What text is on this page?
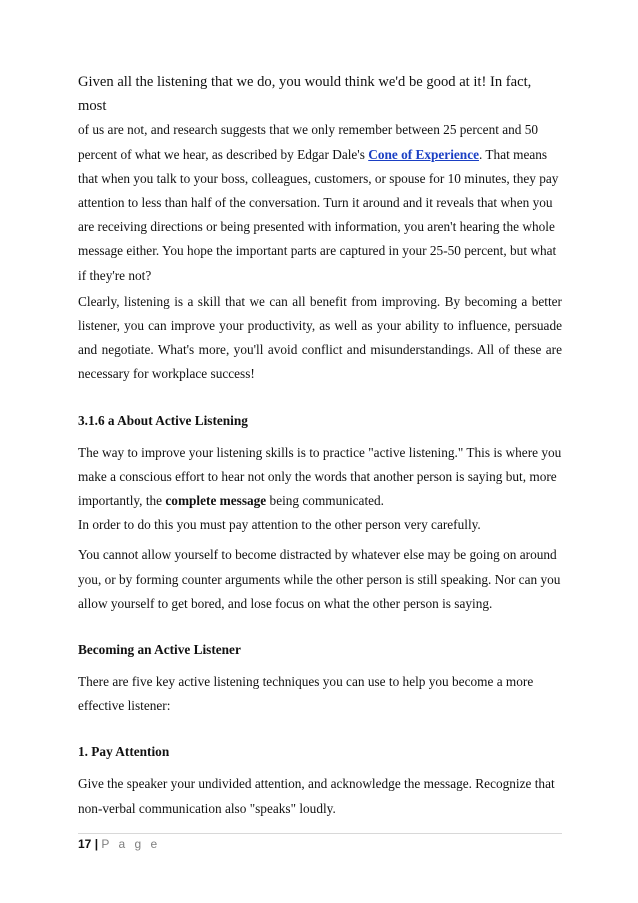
Given all the listening that we do, you would think we'd be good at it! In fact, most
of us are not, and research suggests that we only remember between 25 percent and 50 percent of what we hear, as described by Edgar Dale's Cone of Experience. That means that when you talk to your boss, colleagues, customers, or spouse for 10 minutes, they pay attention to less than half of the conversation. Turn it around and it reveals that when you are receiving directions or being presented with information, you aren't hearing the whole message either. You hope the important parts are captured in your 25-50 percent, but what if they're not?

Clearly, listening is a skill that we can all benefit from improving. By becoming a better listener, you can improve your productivity, as well as your ability to influence, persuade and negotiate. What's more, you'll avoid conflict and misunderstandings. All of these are necessary for workplace success!

3.1.6 a About Active Listening

The way to improve your listening skills is to practice "active listening." This is where you make a conscious effort to hear not only the words that another person is saying but, more importantly, the complete message being communicated.

In order to do this you must pay attention to the other person very carefully.

You cannot allow yourself to become distracted by whatever else may be going on around you, or by forming counter arguments while the other person is still speaking. Nor can you allow yourself to get bored, and lose focus on what the other person is saying.

Becoming an Active Listener

There are five key active listening techniques you can use to help you become a more effective listener:

1. Pay Attention

Give the speaker your undivided attention, and acknowledge the message. Recognize that non-verbal communication also "speaks" loudly.

17 | P a g e
